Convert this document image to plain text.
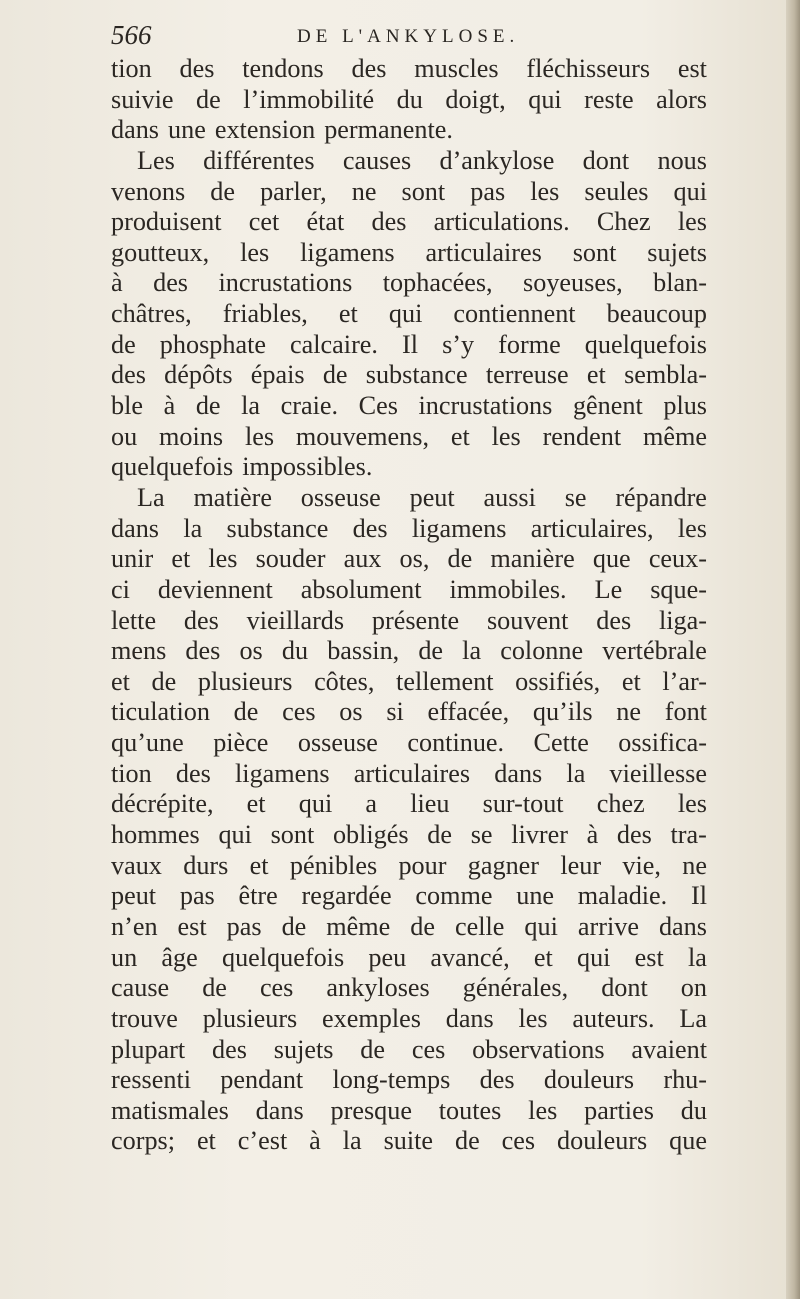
566	DE L'ANKYLOSE.
tion des tendons des muscles fléchisseurs est
suivie de l’immobilité du doigt, qui reste alors
dans une extension permanente.
Les différentes causes d’ankylose dont nous
venons de parler, ne sont pas les seules qui
produisent cet état des articulations. Chez les
goutteux, les ligamens articulaires sont sujets
à des incrustations tophacées, soyeuses, blan-
châtres, friables, et qui contiennent beaucoup
de phosphate calcaire. Il s’y forme quelquefois
des dépôts épais de substance terreuse et sembla-
ble à de la craie. Ces incrustations gênent plus
ou moins les mouvemens, et les rendent même
quelquefois impossibles.
La matière osseuse peut aussi se répandre
dans la substance des ligamens articulaires, les
unir et les souder aux os, de manière que ceux-
ci deviennent absolument immobiles. Le sque-
lette des vieillards présente souvent des liga-
mens des os du bassin, de la colonne vertébrale
et de plusieurs côtes, tellement ossifiés, et l’ar-
ticulation de ces os si effacée, qu’ils ne font
qu’une pièce osseuse continue. Cette ossifica-
tion des ligamens articulaires dans la vieillesse
décrépite, et qui a lieu sur-tout chez les
hommes qui sont obligés de se livrer à des tra-
vaux durs et pénibles pour gagner leur vie, ne
peut pas être regardée comme une maladie. Il
n’en est pas de même de celle qui arrive dans
un âge quelquefois peu avancé, et qui est la
cause de ces ankyloses générales, dont on
trouve plusieurs exemples dans les auteurs. La
plupart des sujets de ces observations avaient
ressenti pendant long-temps des douleurs rhu-
matismales dans presque toutes les parties du
corps; et c’est à la suite de ces douleurs que
